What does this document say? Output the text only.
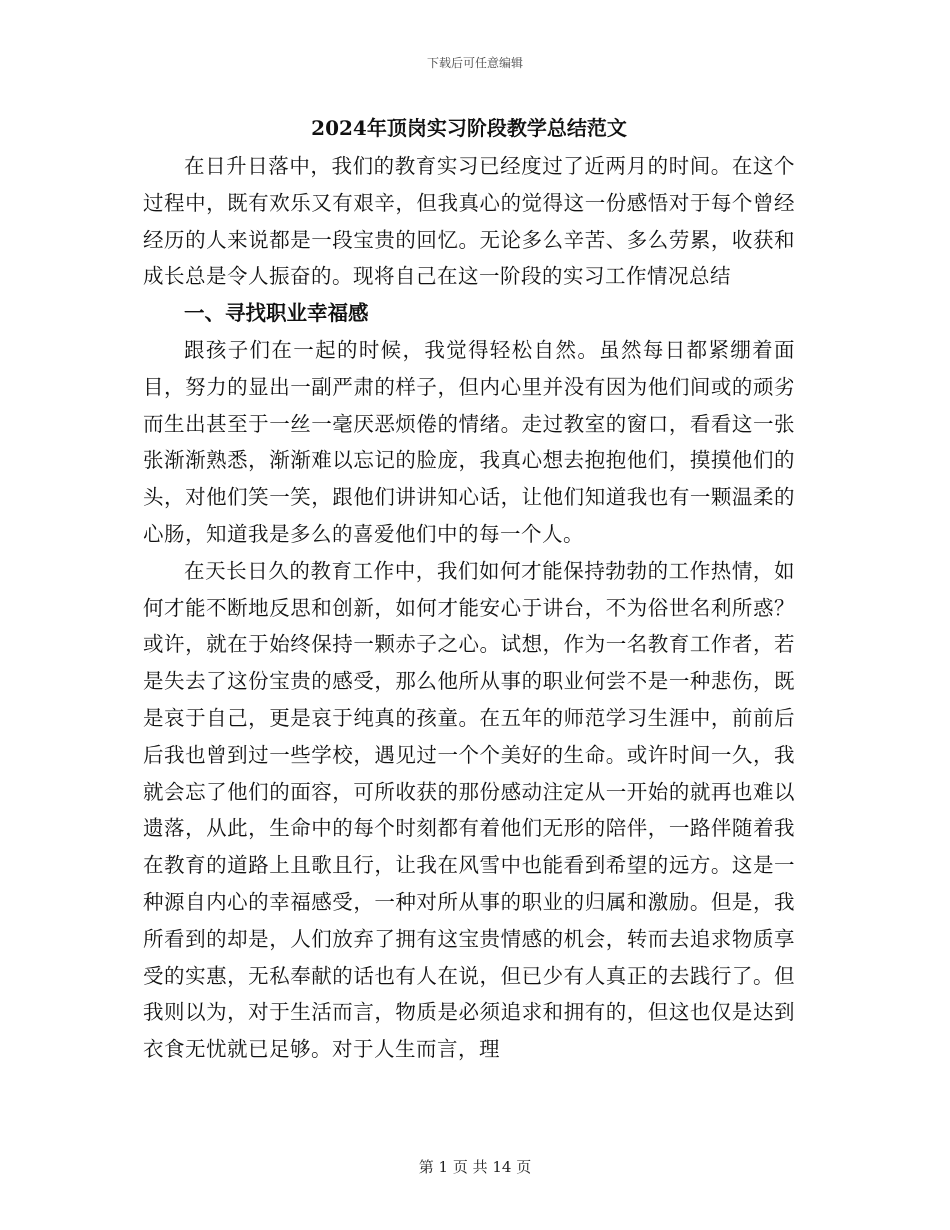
下载后可任意编辑
2024年顶岗实习阶段教学总结范文

在日升日落中，我们的教育实习已经度过了近两月的时间。在这个过程中，既有欢乐又有艰辛，但我真心的觉得这一份感悟对于每个曾经经历的人来说都是一段宝贵的回忆。无论多么辛苦、多么劳累，收获和成长总是令人振奋的。现将自己在这一阶段的实习工作情况总结

一、寻找职业幸福感

跟孩子们在一起的时候，我觉得轻松自然。虽然每日都紧绷着面目，努力的显出一副严肃的样子，但内心里并没有因为他们间或的顽劣而生出甚至于一丝一毫厌恶烦倦的情绪。走过教室的窗口，看看这一张张渐渐熟悉，渐渐难以忘记的脸庞，我真心想去抱抱他们，摸摸他们的头，对他们笑一笑，跟他们讲讲知心话，让他们知道我也有一颗温柔的心肠，知道我是多么的喜爱他们中的每一个人。

在天长日久的教育工作中，我们如何才能保持勃勃的工作热情，如何才能不断地反思和创新，如何才能安心于讲台，不为俗世名利所惑？或许，就在于始终保持一颗赤子之心。试想，作为一名教育工作者，若是失去了这份宝贵的感受，那么他所从事的职业何尝不是一种悲伤，既是哀于自己，更是哀于纯真的孩童。在五年的师范学习生涯中，前前后后我也曾到过一些学校，遇见过一个个美好的生命。或许时间一久，我就会忘了他们的面容，可所收获的那份感动注定从一开始的就再也难以遗落，从此，生命中的每个时刻都有着他们无形的陪伴，一路伴随着我在教育的道路上且歌且行，让我在风雪中也能看到希望的远方。这是一种源自内心的幸福感受，一种对所从事的职业的归属和激励。但是，我所看到的却是，人们放弃了拥有这宝贵情感的机会，转而去追求物质享受的实惠，无私奉献的话也有人在说，但已少有人真正的去践行了。但我则以为，对于生活而言，物质是必须追求和拥有的，但这也仅是达到衣食无忧就已足够。对于人生而言，理

第 1 页 共 14 页
